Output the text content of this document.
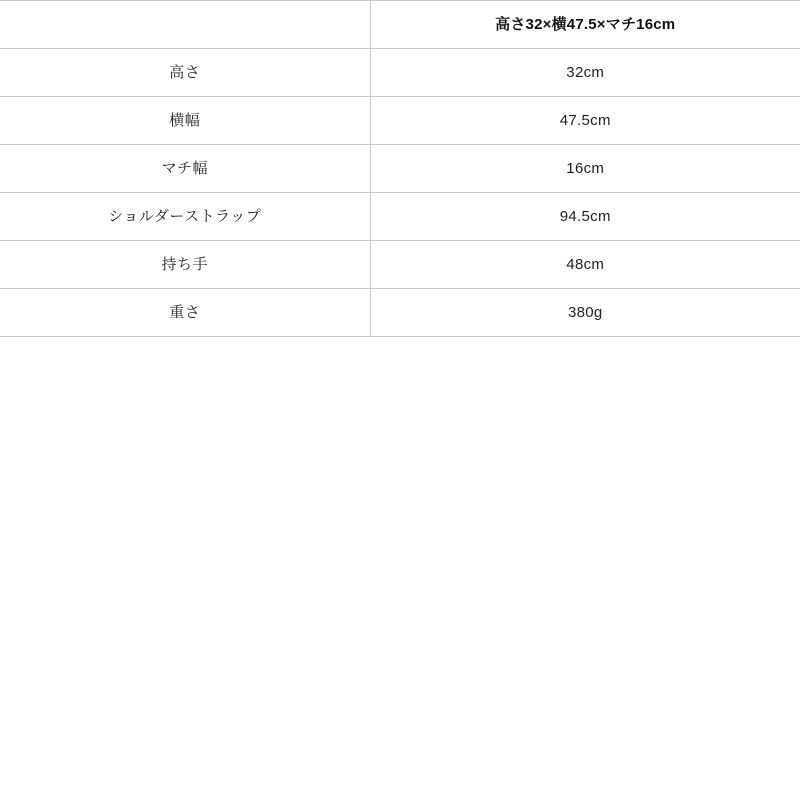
	高さ32×横47.5×マチ16cm
高さ	32cm
横幅	47.5cm
マチ幅	16cm
ショルダーストラップ	94.5cm
持ち手	48cm
重さ	380g
